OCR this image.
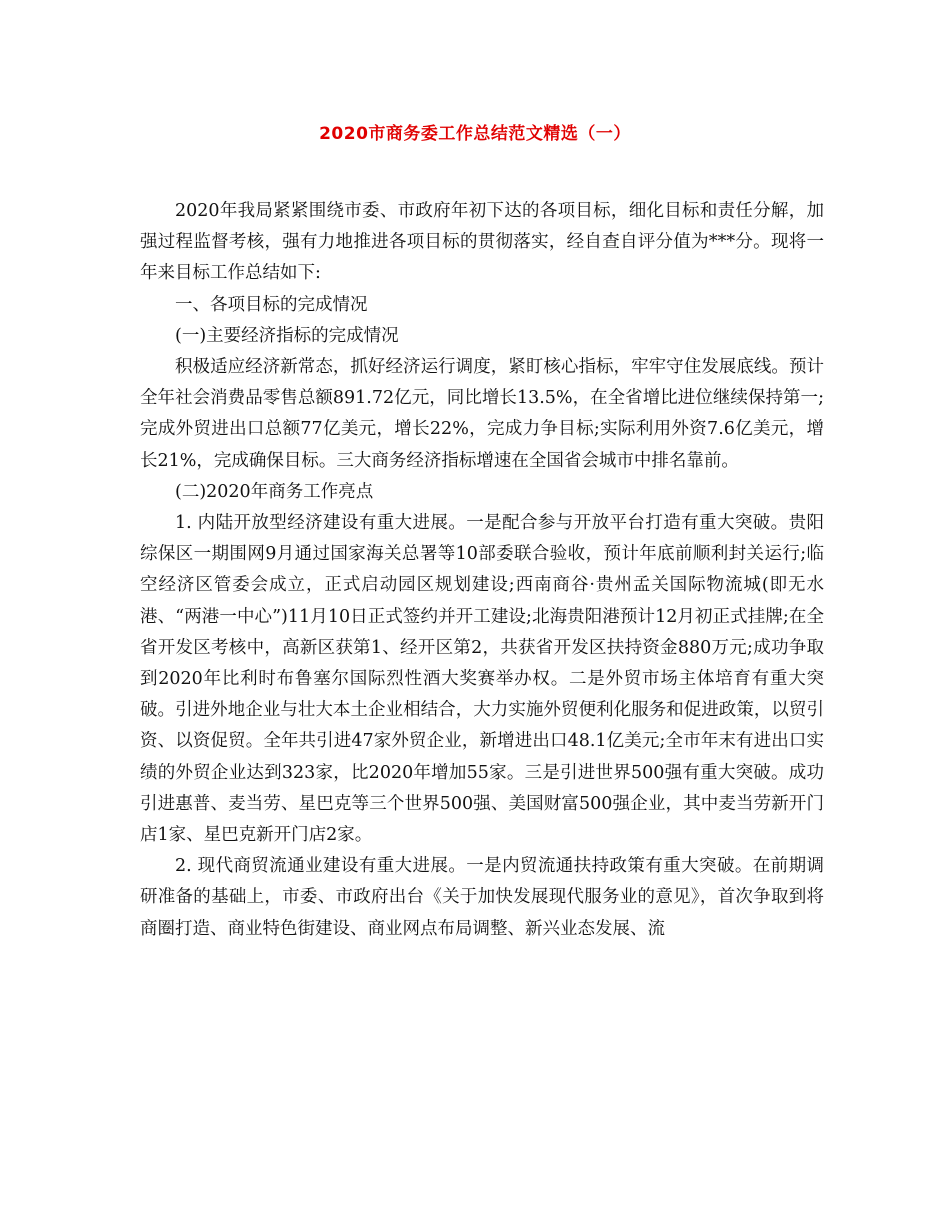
2020市商务委工作总结范文精选（一）

2020年我局紧紧围绕市委、市政府年初下达的各项目标，细化目标和责任分解，加强过程监督考核，强有力地推进各项目标的贯彻落实，经自查自评分值为***分。现将一年来目标工作总结如下:

一、各项目标的完成情况

(一)主要经济指标的完成情况

积极适应经济新常态，抓好经济运行调度，紧盯核心指标，牢牢守住发展底线。预计全年社会消费品零售总额891.72亿元，同比增长13.5%，在全省增比进位继续保持第一;完成外贸进出口总额77亿美元，增长22%，完成力争目标;实际利用外资7.6亿美元，增长21%，完成确保目标。三大商务经济指标增速在全国省会城市中排名靠前。

(二)2020年商务工作亮点

1. 内陆开放型经济建设有重大进展。一是配合参与开放平台打造有重大突破。贵阳综保区一期围网9月通过国家海关总署等10部委联合验收，预计年底前顺利封关运行;临空经济区管委会成立，正式启动园区规划建设;西南商谷·贵州孟关国际物流城(即无水港、“两港一中心”)11月10日正式签约并开工建设;北海贵阳港预计12月初正式挂牌;在全省开发区考核中，高新区获第1、经开区第2，共获省开发区扶持资金880万元;成功争取到2020年比利时布鲁塞尔国际烈性酒大奖赛举办权。二是外贸市场主体培育有重大突破。引进外地企业与壮大本土企业相结合，大力实施外贸便利化服务和促进政策，以贸引资、以资促贸。全年共引进47家外贸企业，新增进出口48.1亿美元;全市年末有进出口实绩的外贸企业达到323家，比2020年增加55家。三是引进世界500强有重大突破。成功引进惠普、麦当劳、星巴克等三个世界500强、美国财富500强企业，其中麦当劳新开门店1家、星巴克新开门店2家。

2. 现代商贸流通业建设有重大进展。一是内贸流通扶持政策有重大突破。在前期调研准备的基础上，市委、市政府出台《关于加快发展现代服务业的意见》，首次争取到将商圈打造、商业特色街建设、商业网点布局调整、新兴业态发展、流
